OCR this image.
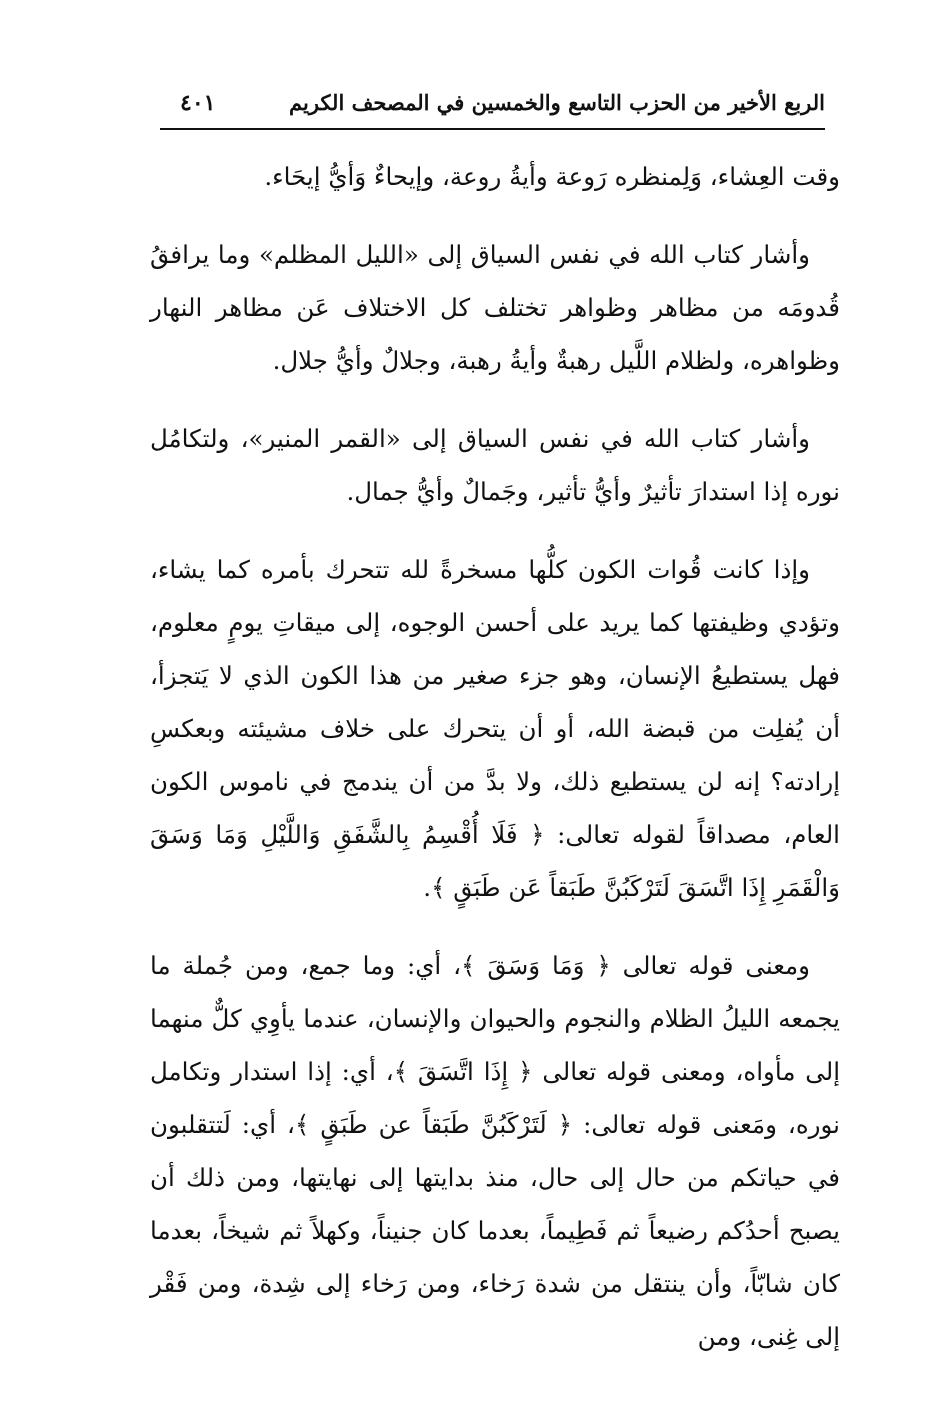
الربع الأخير من الحزب التاسع والخمسين في المصحف الكريم
٤٠١

وقت العِشاء، وَلِمنظره رَوعة وأيةُ روعة، وإيحاءٌ وَأيُّ إيحَاء.

وأشار كتاب الله في نفس السياق إلى «الليل المظلم» وما يرافقُ قُدومَه من مظاهر وظواهر تختلف كل الاختلاف عَن مظاهر النهار وظواهره، ولظلام اللَّيل رهبةٌ وأيةُ رهبة، وجلالٌ وأيُّ جلال.

وأشار كتاب الله في نفس السياق إلى «القمر المنير»، ولتكامُل نوره إذا استدارَ تأثيرٌ وأيُّ تأثير، وجَمالٌ وأيُّ جمال.

وإذا كانت قُوات الكون كلُّها مسخرةً لله تتحرك بأمره كما يشاء، وتؤدي وظيفتها كما يريد على أحسن الوجوه، إلى ميقاتِ يومٍ معلوم، فهل يستطيعُ الإنسان، وهو جزء صغير من هذا الكون الذي لا يَتجزأ، أن يُفلِت من قبضة الله، أو أن يتحرك على خلاف مشيئته وبعكسِ إرادته؟ إنه لن يستطيع ذلك، ولا بدَّ من أن يندمج في ناموس الكون العام، مصداقاً لقوله تعالى: ﴿ فَلَا أُقْسِمُ بِالشَّفَقِ وَاللَّيْلِ وَمَا وَسَقَ وَالْقَمَرِ إِذَا اتَّسَقَ لَتَرْكَبُنَّ طَبَقاً عَن طَبَقٍ ﴾.

ومعنى قوله تعالى ﴿ وَمَا وَسَقَ ﴾، أي: وما جمع، ومن جُملة ما يجمعه الليلُ الظلام والنجوم والحيوان والإنسان، عندما يأوِي كلٌّ منهما إلى مأواه، ومعنى قوله تعالى ﴿ إِذَا اتَّسَقَ ﴾، أي: إذا استدار وتكامل نوره، ومَعنى قوله تعالى: ﴿ لَتَرْكَبُنَّ طَبَقاً عن طَبَقٍ ﴾، أي: لَتتقلبون في حياتكم من حال إلى حال، منذ بدايتها إلى نهايتها، ومن ذلك أن يصبح أحدُكم رضيعاً ثم فَطِيماً، بعدما كان جنيناً، وكهلاً ثم شيخاً، بعدما كان شابّاً، وأن ينتقل من شدة رَخاء، ومن رَخاء إلى شِدة، ومن فَقْر إلى غِنى، ومن
